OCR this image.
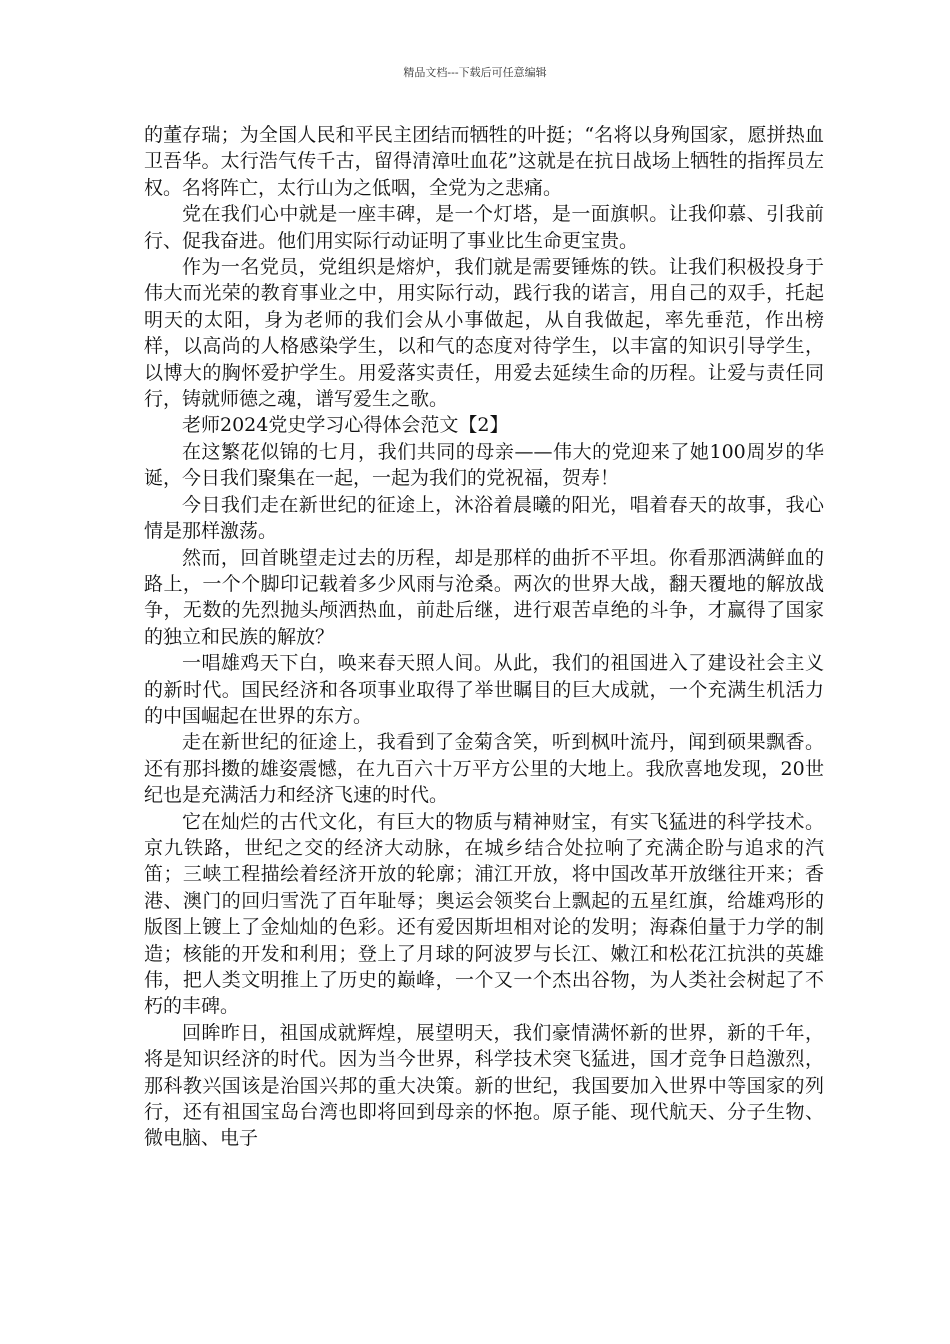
精品文档---下载后可任意编辑

的董存瑞；为全国人民和平民主团结而牺牲的叶挺；“名将以身殉国家，愿拼热血卫吾华。太行浩气传千古，留得清漳吐血花”这就是在抗日战场上牺牲的指挥员左权。名将阵亡，太行山为之低咽，全党为之悲痛。

党在我们心中就是一座丰碑，是一个灯塔，是一面旗帜。让我仰慕、引我前行、促我奋进。他们用实际行动证明了事业比生命更宝贵。

作为一名党员，党组织是熔炉，我们就是需要锤炼的铁。让我们积极投身于伟大而光荣的教育事业之中，用实际行动，践行我的诺言，用自己的双手，托起明天的太阳，身为老师的我们会从小事做起，从自我做起，率先垂范，作出榜样，以高尚的人格感染学生，以和气的态度对待学生，以丰富的知识引导学生，以博大的胸怀爱护学生。用爱落实责任，用爱去延续生命的历程。让爱与责任同行，铸就师德之魂，谱写爱生之歌。

老师2024党史学习心得体会范文【2】

在这繁花似锦的七月，我们共同的母亲——伟大的党迎来了她100周岁的华诞，今日我们聚集在一起，一起为我们的党祝福，贺寿！

今日我们走在新世纪的征途上，沐浴着晨曦的阳光，唱着春天的故事，我心情是那样激荡。

然而，回首眺望走过去的历程，却是那样的曲折不平坦。你看那洒满鲜血的路上，一个个脚印记载着多少风雨与沧桑。两次的世界大战，翻天覆地的解放战争，无数的先烈抛头颅洒热血，前赴后继，进行艰苦卓绝的斗争，才赢得了国家的独立和民族的解放？

一唱雄鸡天下白，唤来春天照人间。从此，我们的祖国进入了建设社会主义的新时代。国民经济和各项事业取得了举世瞩目的巨大成就，一个充满生机活力的中国崛起在世界的东方。

走在新世纪的征途上，我看到了金菊含笑，听到枫叶流丹，闻到硕果飘香。还有那抖擞的雄姿震憾，在九百六十万平方公里的大地上。我欣喜地发现，20世纪也是充满活力和经济飞速的时代。

它在灿烂的古代文化，有巨大的物质与精神财宝，有实飞猛进的科学技术。京九铁路，世纪之交的经济大动脉，在城乡结合处拉响了充满企盼与追求的汽笛；三峡工程描绘着经济开放的轮廓；浦江开放，将中国改革开放继往开来；香港、澳门的回归雪洗了百年耻辱；奥运会领奖台上飘起的五星红旗，给雄鸡形的版图上镀上了金灿灿的色彩。还有爱因斯坦相对论的发明；海森伯量于力学的制造；核能的开发和利用；登上了月球的阿波罗与长江、嫩江和松花江抗洪的英雄伟，把人类文明推上了历史的巅峰，一个又一个杰出谷物，为人类社会树起了不朽的丰碑。

回眸昨日，祖国成就辉煌，展望明天，我们豪情满怀新的世界，新的千年，将是知识经济的时代。因为当今世界，科学技术突飞猛进，国才竞争日趋激烈，那科教兴国该是治国兴邦的重大决策。新的世纪，我国要加入世界中等国家的列行，还有祖国宝岛台湾也即将回到母亲的怀抱。原子能、现代航天、分子生物、微电脑、电子
